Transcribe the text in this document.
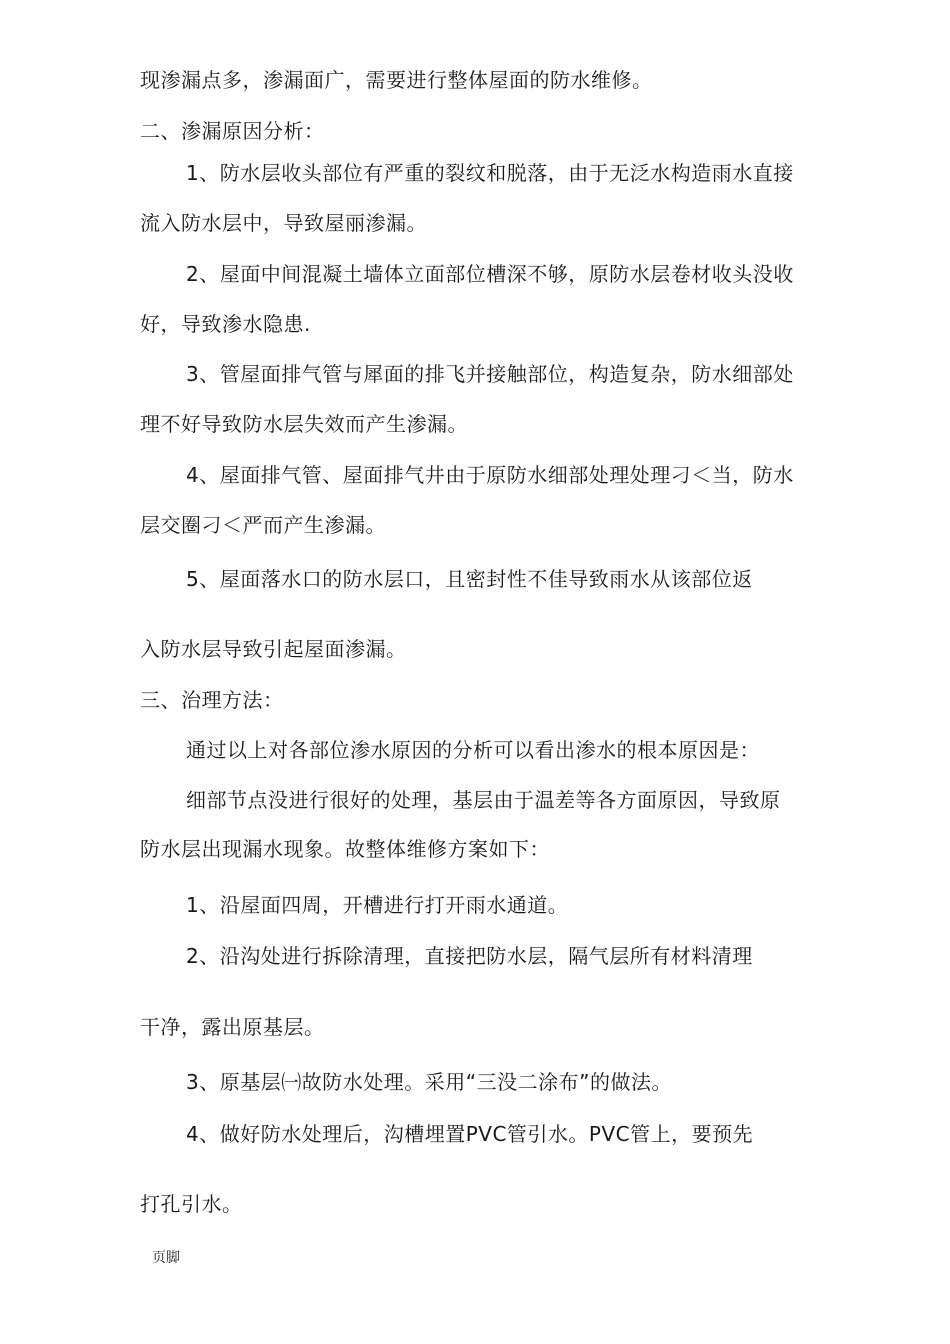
现渗漏点多，渗漏面广，需要进行整体屋面的防水维修。
二、渗漏原因分析：
1、防水层收头部位有严重的裂纹和脱落，由于无泛水构造雨水直接
流入防水层中，导致屋丽渗漏。
2、屋面中间混凝土墙体立面部位槽深不够，原防水层卷材收头没收
好，导致渗水隐患.
3、管屋面排气管与犀面的排飞并接触部位，构造复杂，防水细部处
理不好导致防水层失效而产生渗漏。
4、屋面排气管、屋面排气井由于原防水细部处理处理刁＜当，防水
层交圈刁＜严而产生渗漏。
5、屋面落水口的防水层口，且密封性不佳导致雨水从该部位返
入防水层导致引起屋面渗漏。
三、治理方法：
通过以上对各部位渗水原因的分析可以看出渗水的根本原因是：
细部节点没进行很好的处理，基层由于温差等各方面原因，导致原
防水层出现漏水现象。故整体维修方案如下：
1、沿屋面四周，开槽进行打开雨水通道。
2、沿沟处进行拆除清理，直接把防水层，隔气层所有材料清理
干净，露出原基层。
3、原基层㈠故防水处理。采用“三没二涂布”的做法。
4、做好防水处理后，沟槽埋置PVC管引水。PVC管上，要预先
打孔引水。
页脚
